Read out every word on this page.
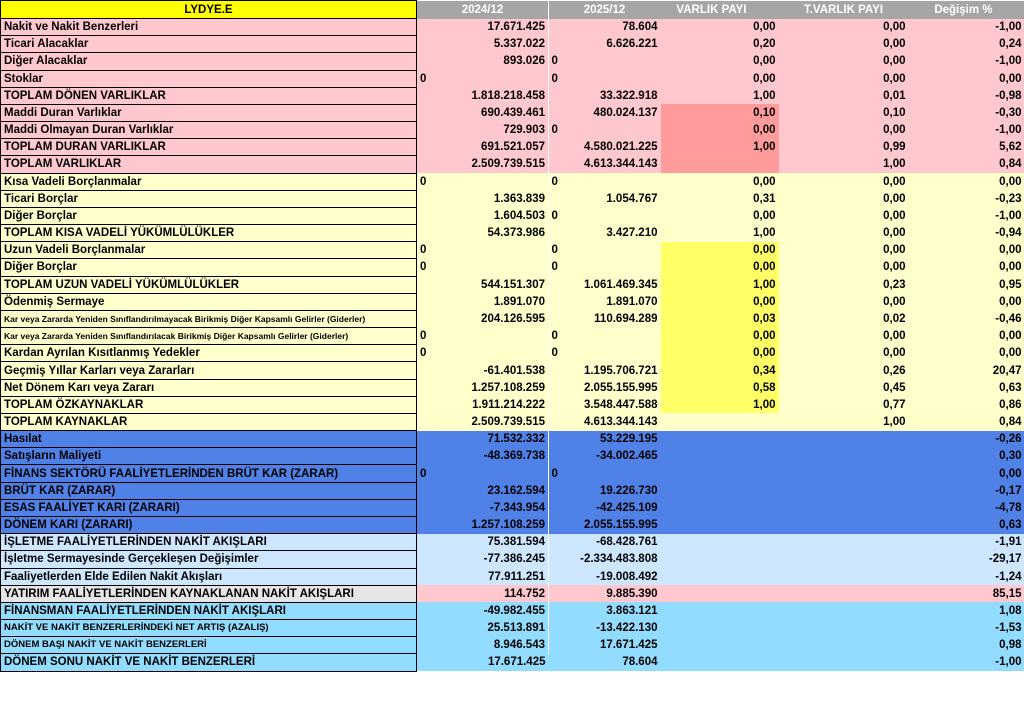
LYDYE.E	2024/12	2025/12	VARLIK PAYI	T.VARLIK PAYI	Değişim %
Nakit ve Nakit Benzerleri	17.671.425	78.604	0,00	0,00	-1,00
Ticari Alacaklar	5.337.022	6.626.221	0,20	0,00	0,24
Diğer Alacaklar	893.026	0	0,00	0,00	-1,00
Stoklar	0	0	0,00	0,00	0,00
TOPLAM DÖNEN VARLIKLAR	1.818.218.458	33.322.918	1,00	0,01	-0,98
Maddi Duran Varlıklar	690.439.461	480.024.137	0,10	0,10	-0,30
Maddi Olmayan Duran Varlıklar	729.903	0	0,00	0,00	-1,00
TOPLAM DURAN VARLIKLAR	691.521.057	4.580.021.225	1,00	0,99	5,62
TOPLAM VARLIKLAR	2.509.739.515	4.613.344.143		1,00	0,84
Kısa Vadeli Borçlanmalar	0	0	0,00	0,00	0,00
Ticari Borçlar	1.363.839	1.054.767	0,31	0,00	-0,23
Diğer Borçlar	1.604.503	0	0,00	0,00	-1,00
TOPLAM KISA VADELİ YÜKÜMLÜLÜKLER	54.373.986	3.427.210	1,00	0,00	-0,94
Uzun Vadeli Borçlanmalar	0	0	0,00	0,00	0,00
Diğer Borçlar	0	0	0,00	0,00	0,00
TOPLAM UZUN VADELİ YÜKÜMLÜLÜKLER	544.151.307	1.061.469.345	1,00	0,23	0,95
Ödenmiş Sermaye	1.891.070	1.891.070	0,00	0,00	0,00
Kar veya Zararda Yeniden Sınıflandırılmayacak Birikmiş Diğer Kapsamlı Gelirler (Giderler)	204.126.595	110.694.289	0,03	0,02	-0,46
Kar veya Zararda Yeniden Sınıflandırılacak Birikmiş Diğer Kapsamlı Gelirler (Giderler)	0	0	0,00	0,00	0,00
Kardan Ayrılan Kısıtlanmış Yedekler	0	0	0,00	0,00	0,00
Geçmiş Yıllar Karları veya Zararları	-61.401.538	1.195.706.721	0,34	0,26	20,47
Net Dönem Karı veya Zararı	1.257.108.259	2.055.155.995	0,58	0,45	0,63
TOPLAM ÖZKAYNAKLAR	1.911.214.222	3.548.447.588	1,00	0,77	0,86
TOPLAM KAYNAKLAR	2.509.739.515	4.613.344.143		1,00	0,84
Hasılat	71.532.332	53.229.195			-0,26
Satışların Maliyeti	-48.369.738	-34.002.465			0,30
FİNANS SEKTÖRÜ FAALİYETLERİNDEN BRÜT KAR (ZARAR)	0	0			0,00
BRÜT KAR (ZARAR)	23.162.594	19.226.730			-0,17
ESAS FAALİYET KARI (ZARARI)	-7.343.954	-42.425.109			-4,78
DÖNEM KARI (ZARARI)	1.257.108.259	2.055.155.995			0,63
İŞLETME FAALİYETLERİNDEN NAKİT AKIŞLARI	75.381.594	-68.428.761			-1,91
İşletme Sermayesinde Gerçekleşen Değişimler	-77.386.245	-2.334.483.808			-29,17
Faaliyetlerden Elde Edilen Nakit Akışları	77.911.251	-19.008.492			-1,24
YATIRIM FAALİYETLERİNDEN KAYNAKLANAN NAKİT AKIŞLARI	114.752	9.885.390			85,15
FİNANSMAN FAALİYETLERİNDEN NAKİT AKIŞLARI	-49.982.455	3.863.121			1,08
NAKİT VE NAKİT BENZERLERİNDEKİ NET ARTIŞ (AZALIŞ)	25.513.891	-13.422.130			-1,53
DÖNEM BAŞI NAKİT VE NAKİT BENZERLERİ	8.946.543	17.671.425			0,98
DÖNEM SONU NAKİT VE NAKİT BENZERLERİ	17.671.425	78.604			-1,00
